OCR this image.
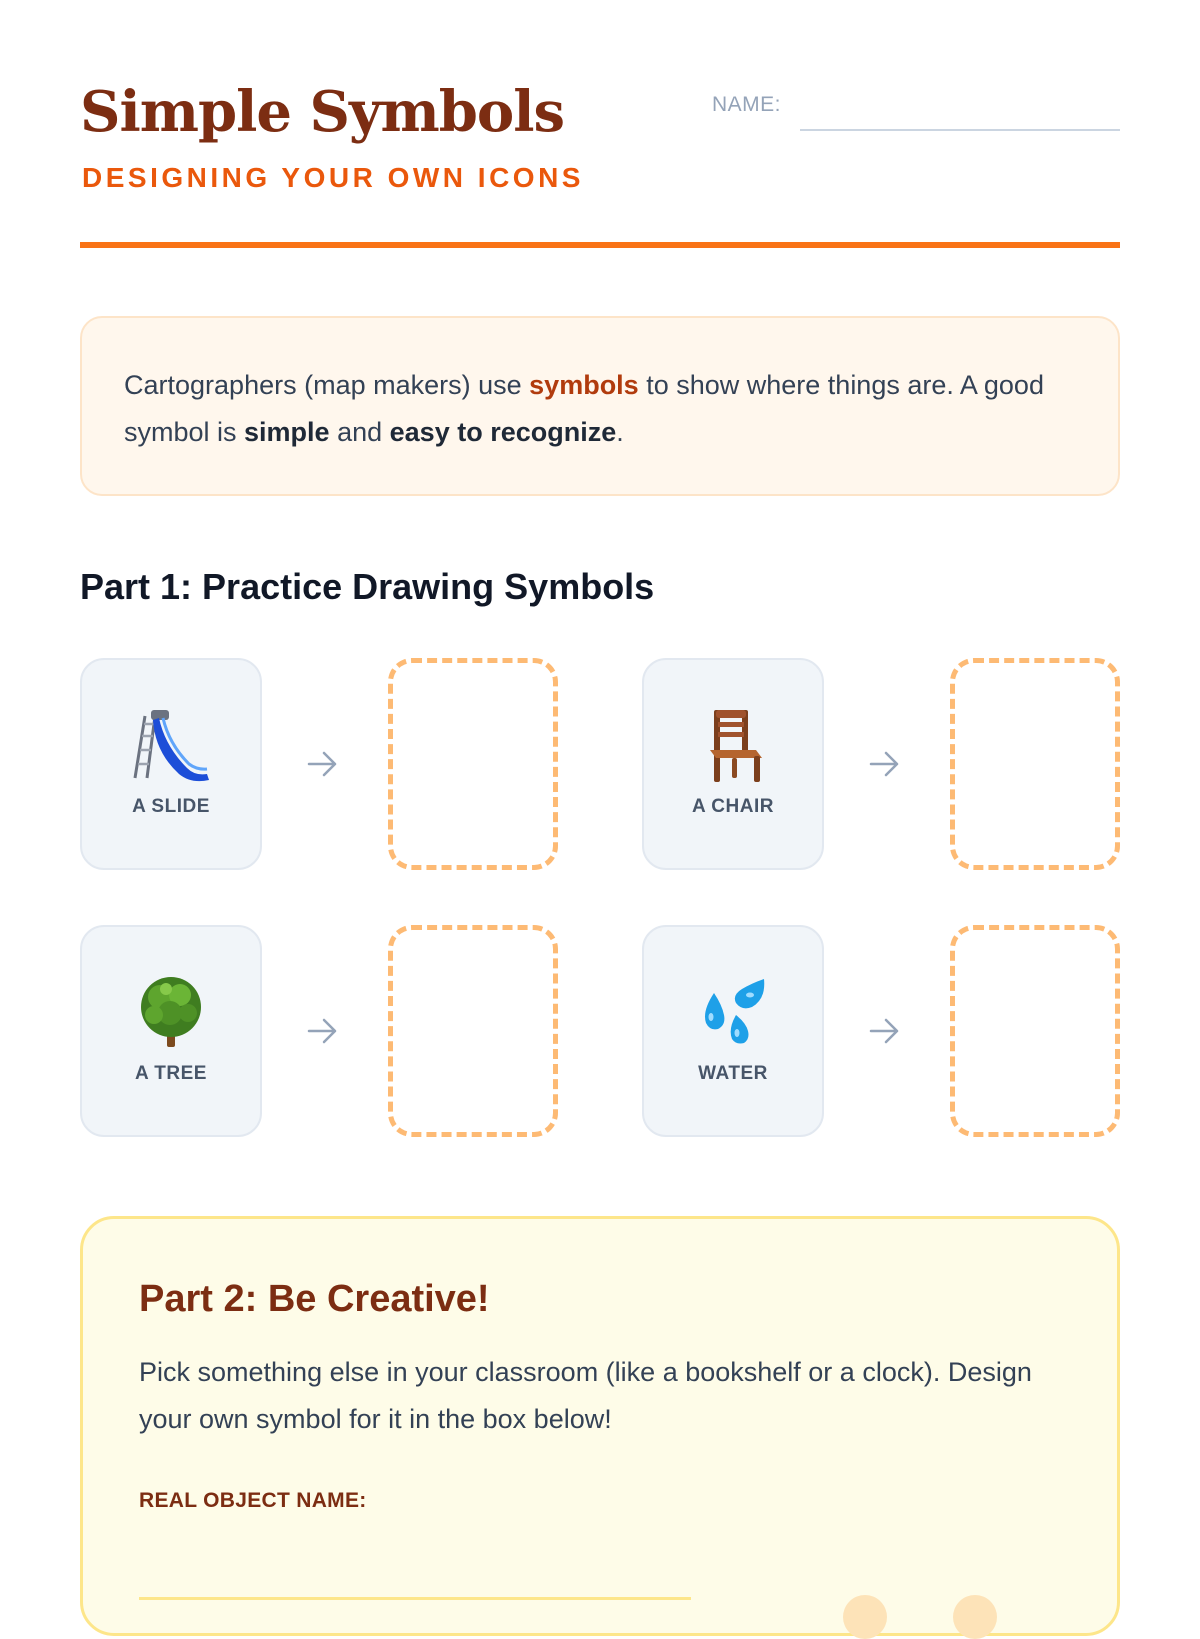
Simple Symbols
DESIGNING YOUR OWN ICONS
NAME:
Cartographers (map makers) use symbols to show where things are. A good symbol is simple and easy to recognize.
Part 1: Practice Drawing Symbols
A SLIDE	A CHAIR
A TREE	WATER
Part 2: Be Creative!
Pick something else in your classroom (like a bookshelf or a clock). Design your own symbol for it in the box below!
REAL OBJECT NAME:
